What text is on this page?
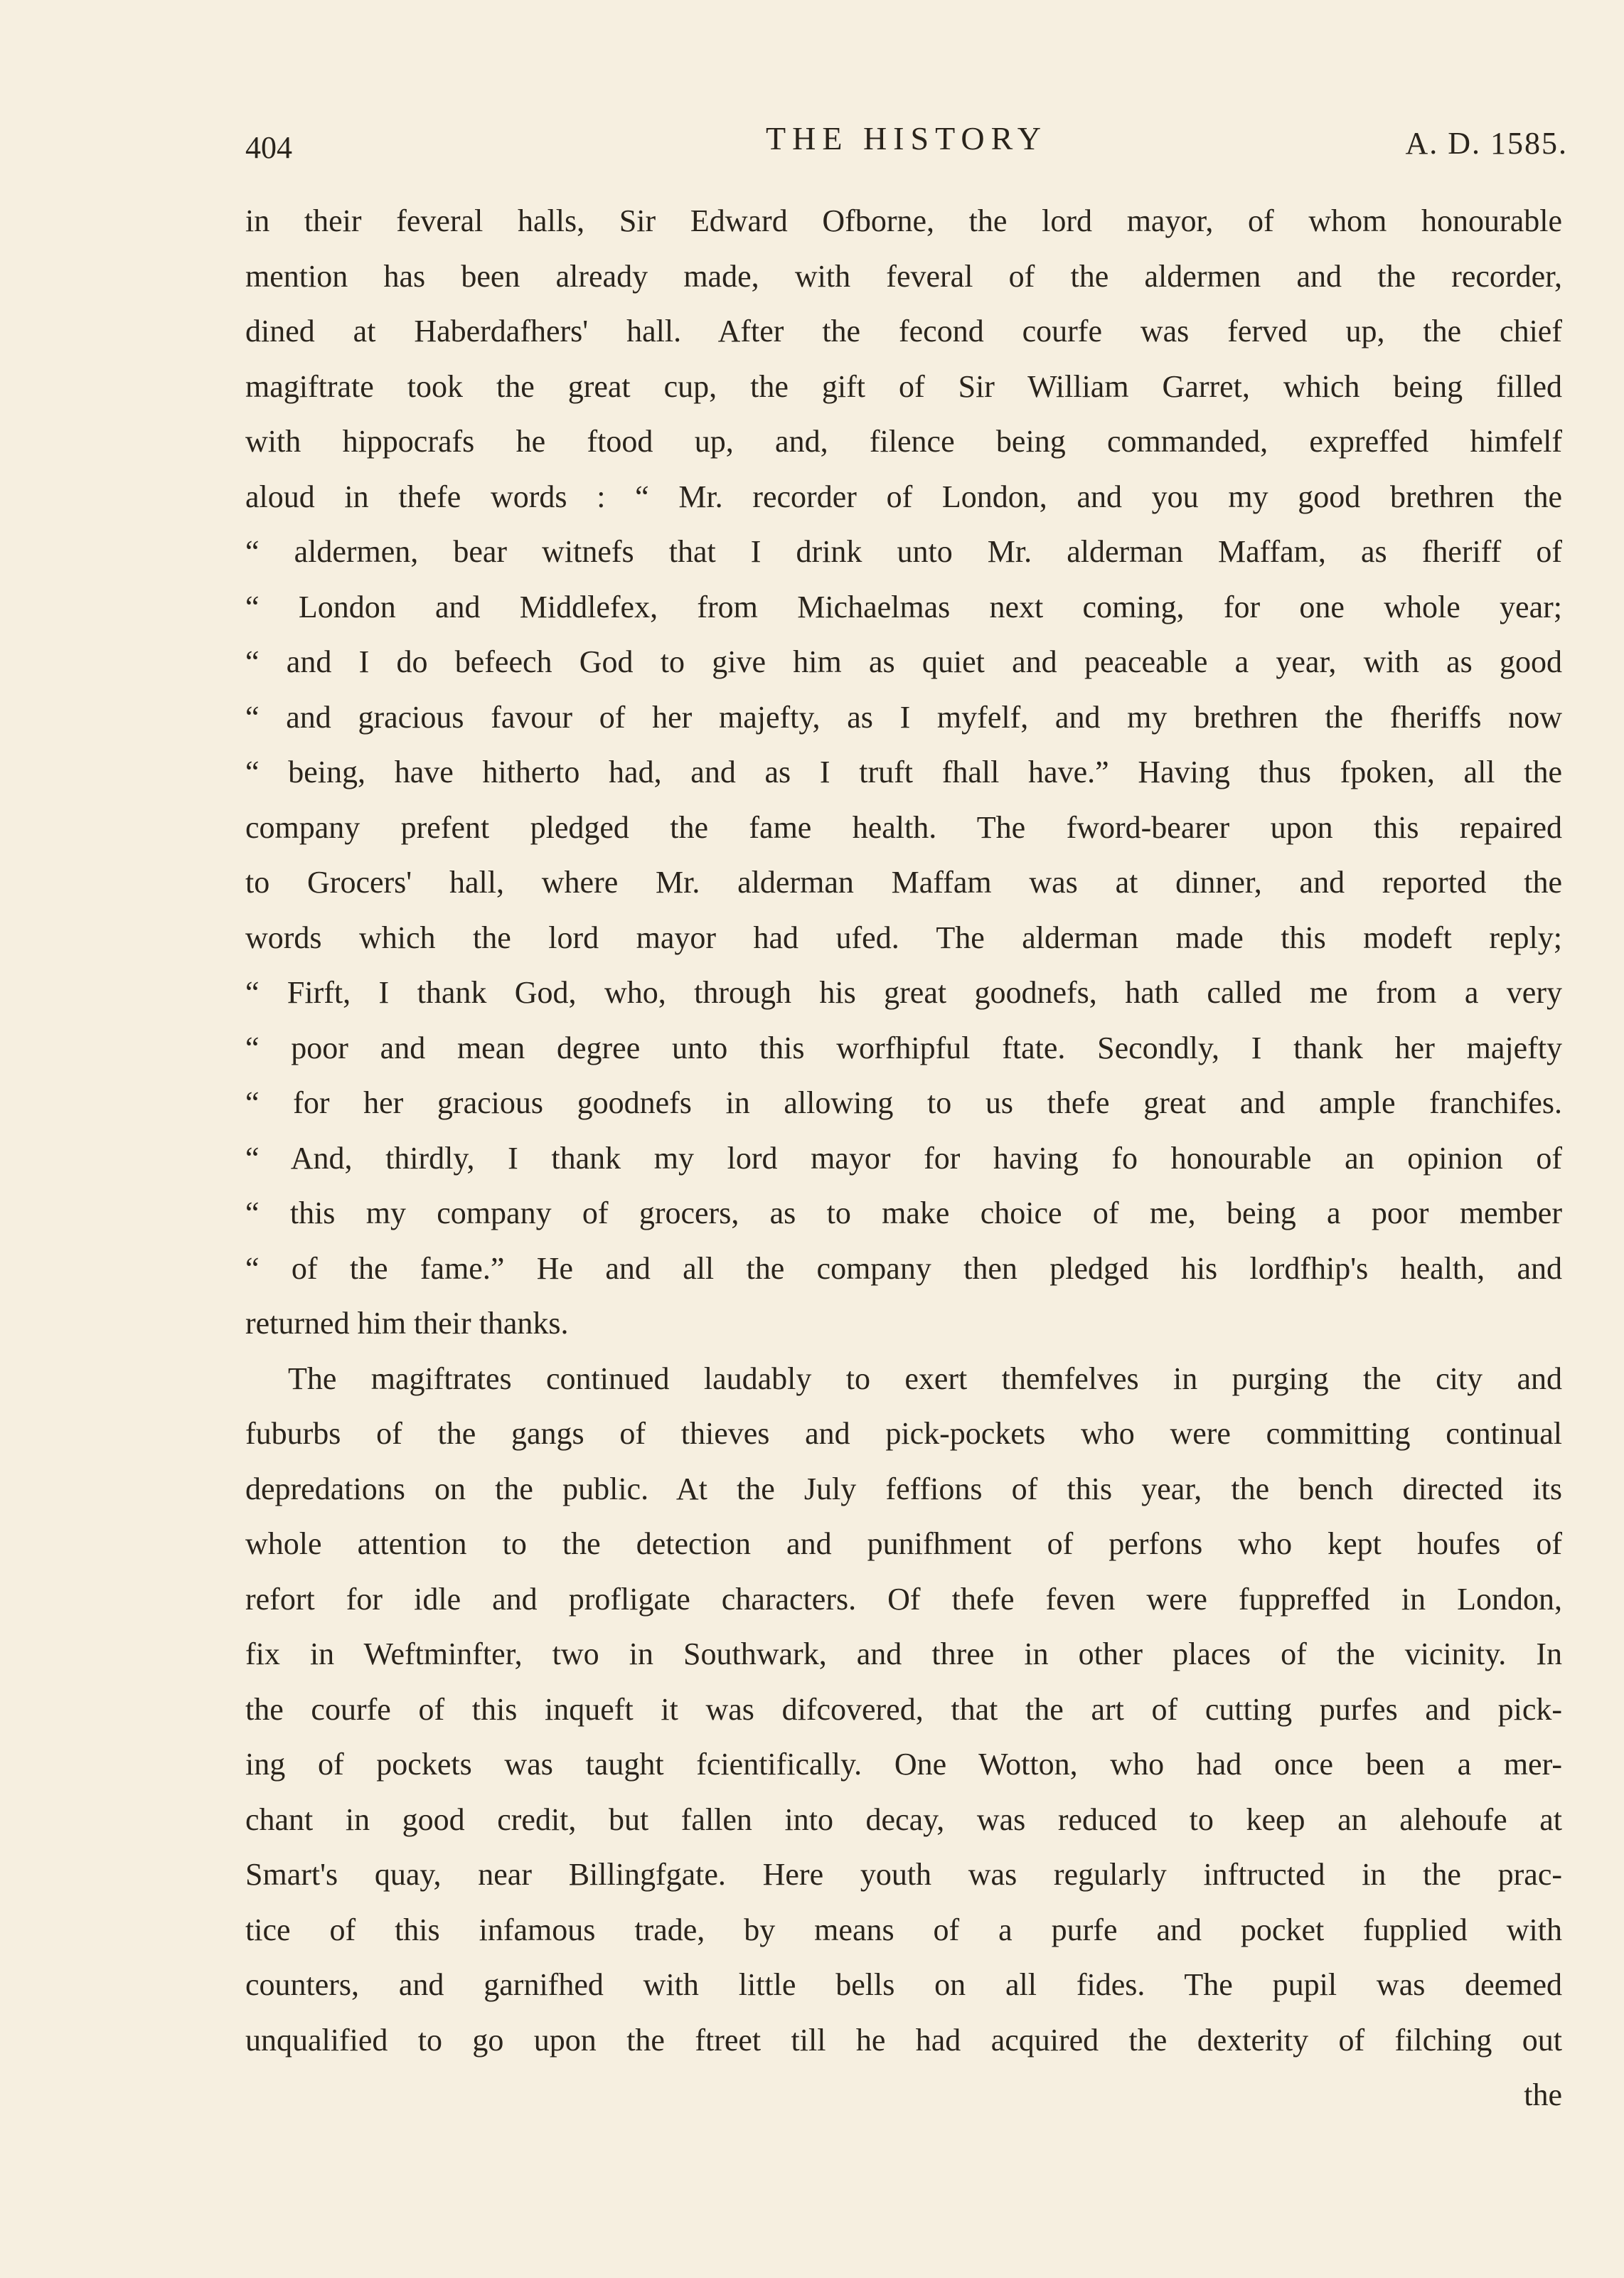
404	THE HISTORY	A. D. 1585.
in their feveral halls, Sir Edward Ofborne, the lord mayor, of whom honourable
mention has been already made, with feveral of the aldermen and the recorder,
dined at Haberdafhers' hall. After the fecond courfe was ferved up, the chief
magiftrate took the great cup, the gift of Sir William Garret, which being filled
with hippocrafs he ftood up, and, filence being commanded, expreffed himfelf
aloud in thefe words : “ Mr. recorder of London, and you my good brethren the
“ aldermen, bear witnefs that I drink unto Mr. alderman Maffam, as fheriff of
“ London and Middlefex, from Michaelmas next coming, for one whole year;
“ and I do befeech God to give him as quiet and peaceable a year, with as good
“ and gracious favour of her majefty, as I myfelf, and my brethren the fheriffs now
“ being, have hitherto had, and as I truft fhall have.” Having thus fpoken, all the
company prefent pledged the fame health. The fword-bearer upon this repaired
to Grocers' hall, where Mr. alderman Maffam was at dinner, and reported the
words which the lord mayor had ufed. The alderman made this modeft reply;
“ Firft, I thank God, who, through his great goodnefs, hath called me from a very
“ poor and mean degree unto this worfhipful ftate. Secondly, I thank her majefty
“ for her gracious goodnefs in allowing to us thefe great and ample franchifes.
“ And, thirdly, I thank my lord mayor for having fo honourable an opinion of
“ this my company of grocers, as to make choice of me, being a poor member
“ of the fame.” He and all the company then pledged his lordfhip's health, and
returned him their thanks.
The magiftrates continued laudably to exert themfelves in purging the city and
fuburbs of the gangs of thieves and pick-pockets who were committing continual
depredations on the public. At the July feffions of this year, the bench directed its
whole attention to the detection and punifhment of perfons who kept houfes of
refort for idle and profligate characters. Of thefe feven were fuppreffed in London,
fix in Weftminfter, two in Southwark, and three in other places of the vicinity. In
the courfe of this inqueft it was difcovered, that the art of cutting purfes and pick-
ing of pockets was taught fcientifically. One Wotton, who had once been a mer-
chant in good credit, but fallen into decay, was reduced to keep an alehoufe at
Smart's quay, near Billingfgate. Here youth was regularly inftructed in the prac-
tice of this infamous trade, by means of a purfe and pocket fupplied with
counters, and garnifhed with little bells on all fides. The pupil was deemed
unqualified to go upon the ftreet till he had acquired the dexterity of filching out
the
